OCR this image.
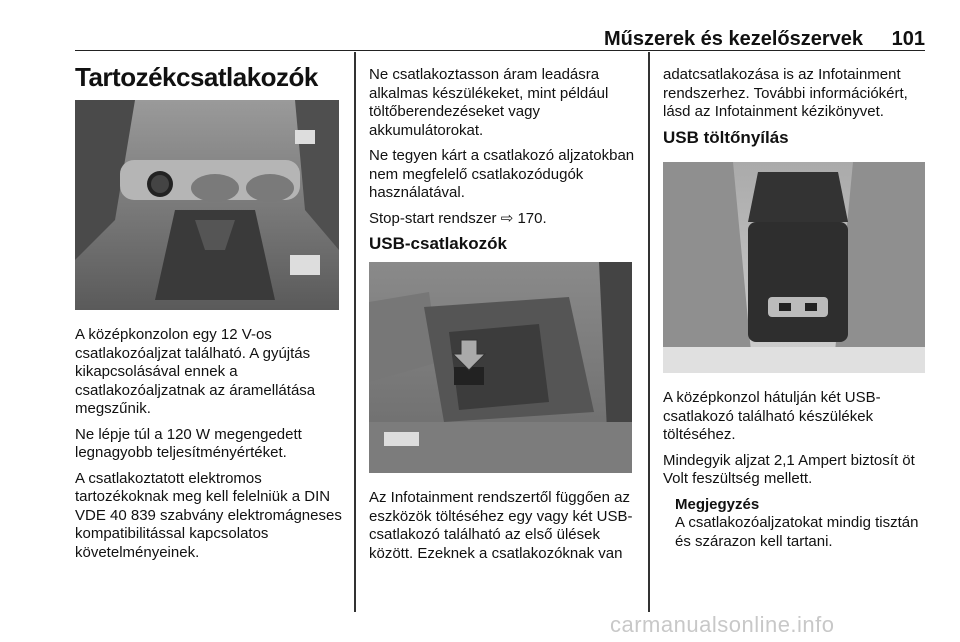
Műszerek és kezelőszervek 101
Tartozékcsatlakozók

A középkonzolon egy 12 V-os csatlakozóaljzat található. A gyújtás kikapcsolásával ennek a csatlakozóaljzatnak az áramellátása megszűnik.

Ne lépje túl a 120 W megengedett legnagyobb teljesítményértéket.

A csatlakoztatott elektromos tartozékoknak meg kell felelniük a DIN VDE 40 839 szabvány elektromágneses kompatibilitással kapcsolatos követelményeinek.

Ne csatlakoztasson áram leadásra alkalmas készülékeket, mint például töltőberendezéseket vagy akkumulátorokat.

Ne tegyen kárt a csatlakozó aljzatokban nem megfelelő csatlakozódugók használatával.

Stop-start rendszer ⇨ 170.

USB-csatlakozók

Az Infotainment rendszertől függően az eszközök töltéséhez egy vagy két USB-csatlakozó található az első ülések között. Ezeknek a csatlakozóknak van

adatcsatlakozása is az Infotainment rendszerhez. További információkért, lásd az Infotainment kézikönyvet.

USB töltőnyílás

A középkonzol hátulján két USB-csatlakozó található készülékek töltéséhez.

Mindegyik aljzat 2,1 Ampert biztosít öt Volt feszültség mellett.

Megjegyzés
A csatlakozóaljzatokat mindig tisztán és szárazon kell tartani.
carmanualsonline.info
